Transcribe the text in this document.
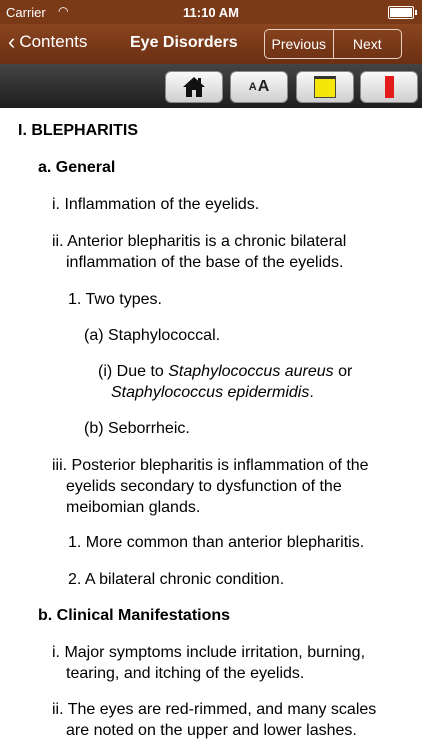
Carrier ◠	11:10 AM
‹ Contents	Eye Disorders	Previous	Next
A A
I. BLEPHARITIS
a. General
i. Inflammation of the eyelids.
ii. Anterior blepharitis is a chronic bilateral
inflammation of the base of the eyelids.
1. Two types.
(a) Staphylococcal.
(i) Due to Staphylococcus aureus or
Staphylococcus epidermidis.
(b) Seborrheic.
iii. Posterior blepharitis is inflammation of the
eyelids secondary to dysfunction of the
meibomian glands.
1. More common than anterior blepharitis.
2. A bilateral chronic condition.
b. Clinical Manifestations
i. Major symptoms include irritation, burning,
tearing, and itching of the eyelids.
ii. The eyes are red-rimmed, and many scales
are noted on the upper and lower lashes.
